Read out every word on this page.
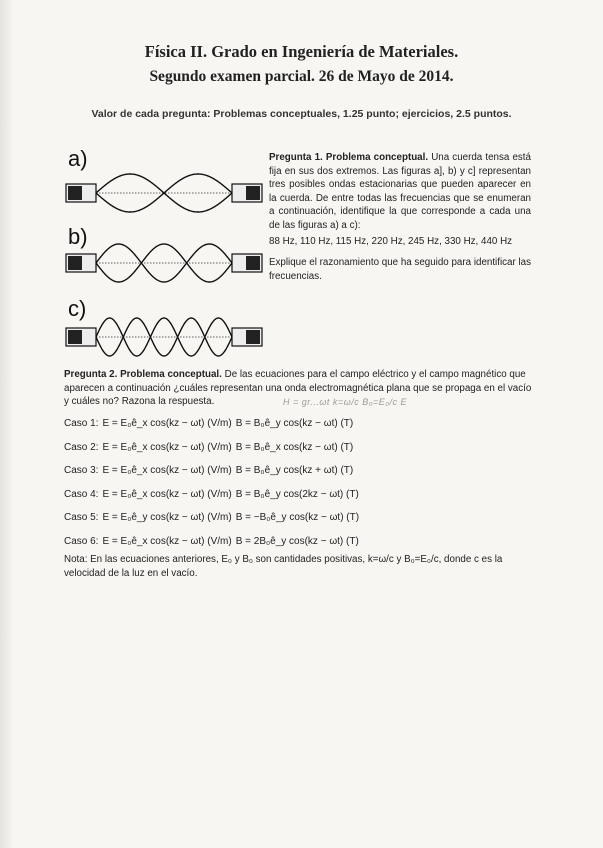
Física II. Grado en Ingeniería de Materiales.
Segundo examen parcial. 26 de Mayo de 2014.
Valor de cada pregunta: Problemas conceptuales, 1.25 punto; ejercicios, 2.5 puntos.
a)
b)
c)
Pregunta 1. Problema conceptual. Una cuerda tensa está fija en sus dos extremos. Las figuras a], b) y c] representan tres posibles ondas estacionarias que pueden aparecer en la cuerda. De entre todas las frecuencias que se enumeran a continuación, identifique la que corresponde a cada una de las figuras a) a c):
88 Hz, 110 Hz, 115 Hz, 220 Hz, 245 Hz, 330 Hz, 440 Hz
Explique el razonamiento que ha seguido para identificar las frecuencias.
Pregunta 2. Problema conceptual. De las ecuaciones para el campo eléctrico y el campo magnético que aparecen a continuación ¿cuáles representan una onda electromagnética plana que se propaga en el vacío y cuáles no? Razona la respuesta.	H = gr...ωt k=ω/c B₀=E₀/c E
Caso 1: E = E₀ê_x cos(kz − ωt) (V/m) B = B₀ê_y cos(kz − ωt) (T)
Caso 2: E = E₀ê_x cos(kz − ωt) (V/m) B = B₀ê_x cos(kz − ωt) (T)
Caso 3: E = E₀ê_x cos(kz − ωt) (V/m) B = B₀ê_y cos(kz + ωt) (T)
Caso 4: E = E₀ê_x cos(kz − ωt) (V/m) B = B₀ê_y cos(2kz − ωt) (T)
Caso 5: E = E₀ê_y cos(kz − ωt) (V/m) B = −B₀ê_y cos(kz − ωt) (T)
Caso 6: E = E₀ê_x cos(kz − ωt) (V/m) B = 2B₀ê_y cos(kz − ωt) (T)
Nota: En las ecuaciones anteriores, E₀ y B₀ son cantidades positivas, k=ω/c y B₀=E₀/c, donde c es la velocidad de la luz en el vacío.
